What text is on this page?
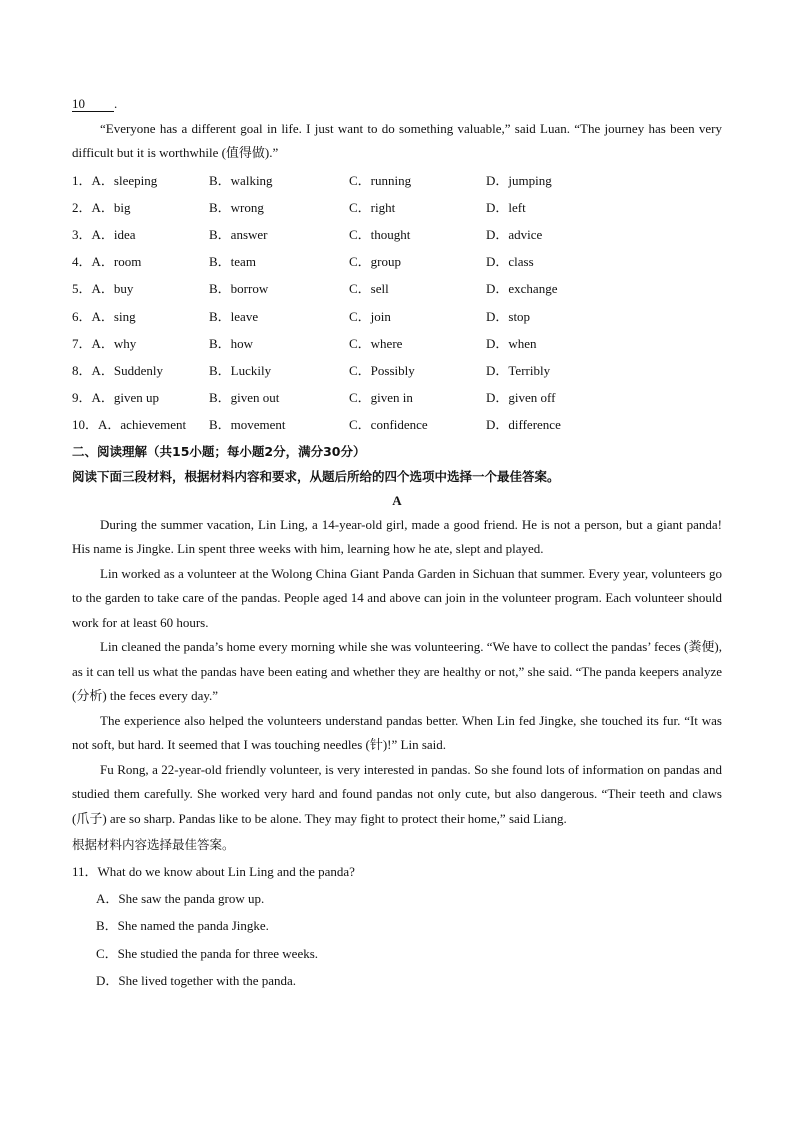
10 .

“Everyone has a different goal in life. I just want to do something valuable,” said Luan. “The journey has been very difficult but it is worthwhile (值得做).”

1．A．sleeping	B．walking	C．running	D．jumping
2．A．big	B．wrong	C．right	D．left
3．A．idea	B．answer	C．thought	D．advice
4．A．room	B．team	C．group	D．class
5．A．buy	B．borrow	C．sell	D．exchange
6．A．sing	B．leave	C．join	D．stop
7．A．why	B．how	C．where	D．when
8．A．Suddenly	B．Luckily	C．Possibly	D．Terribly
9．A．given up	B．given out	C．given in	D．given off
10．A．achievement	B．movement	C．confidence	D．difference
二、阅读理解（共15小题；每小题2分，满分30分）
阅读下面三段材料，根据材料内容和要求，从题后所给的四个选项中选择一个最佳答案。
A

During the summer vacation, Lin Ling, a 14-year-old girl, made a good friend. He is not a person, but a giant panda! His name is Jingke. Lin spent three weeks with him, learning how he ate, slept and played.

Lin worked as a volunteer at the Wolong China Giant Panda Garden in Sichuan that summer. Every year, volunteers go to the garden to take care of the pandas. People aged 14 and above can join in the volunteer program. Each volunteer should work for at least 60 hours.

Lin cleaned the panda’s home every morning while she was volunteering. “We have to collect the pandas’ feces (粪便), as it can tell us what the pandas have been eating and whether they are healthy or not,” she said. “The panda keepers analyze (分析) the feces every day.”

The experience also helped the volunteers understand pandas better. When Lin fed Jingke, she touched its fur. “It was not soft, but hard. It seemed that I was touching needles (针)!” Lin said.

Fu Rong, a 22-year-old friendly volunteer, is very interested in pandas. So she found lots of information on pandas and studied them carefully. She worked very hard and found pandas not only cute, but also dangerous. “Their teeth and claws (爪子) are so sharp. Pandas like to be alone. They may fight to protect their home,” said Liang.

根据材料内容选择最佳答案。
11．What do we know about Lin Ling and the panda?
A．She saw the panda grow up.
B．She named the panda Jingke.
C．She studied the panda for three weeks.
D．She lived together with the panda.
